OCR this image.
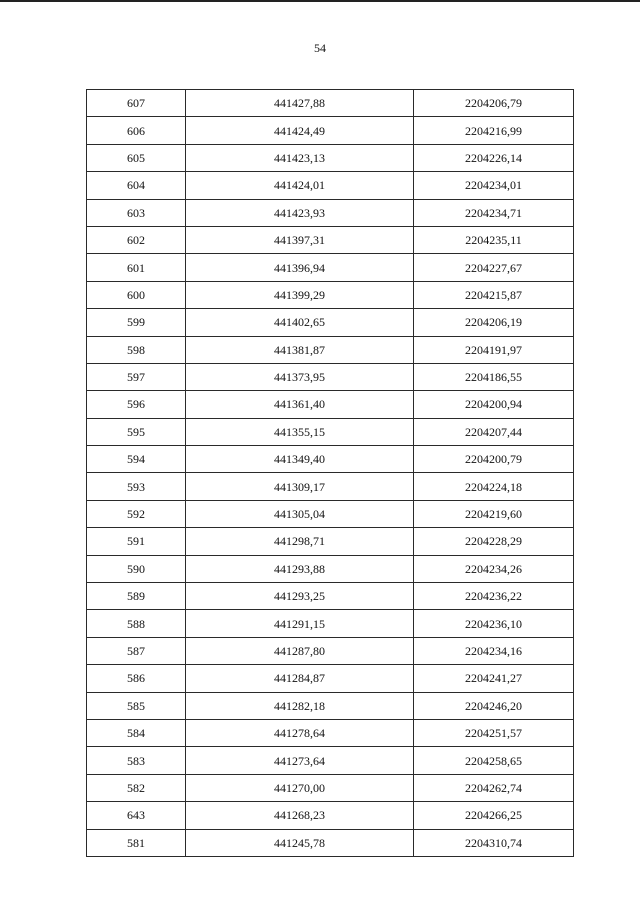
54
607	441427,88	2204206,79
606	441424,49	2204216,99
605	441423,13	2204226,14
604	441424,01	2204234,01
603	441423,93	2204234,71
602	441397,31	2204235,11
601	441396,94	2204227,67
600	441399,29	2204215,87
599	441402,65	2204206,19
598	441381,87	2204191,97
597	441373,95	2204186,55
596	441361,40	2204200,94
595	441355,15	2204207,44
594	441349,40	2204200,79
593	441309,17	2204224,18
592	441305,04	2204219,60
591	441298,71	2204228,29
590	441293,88	2204234,26
589	441293,25	2204236,22
588	441291,15	2204236,10
587	441287,80	2204234,16
586	441284,87	2204241,27
585	441282,18	2204246,20
584	441278,64	2204251,57
583	441273,64	2204258,65
582	441270,00	2204262,74
643	441268,23	2204266,25
581	441245,78	2204310,74
